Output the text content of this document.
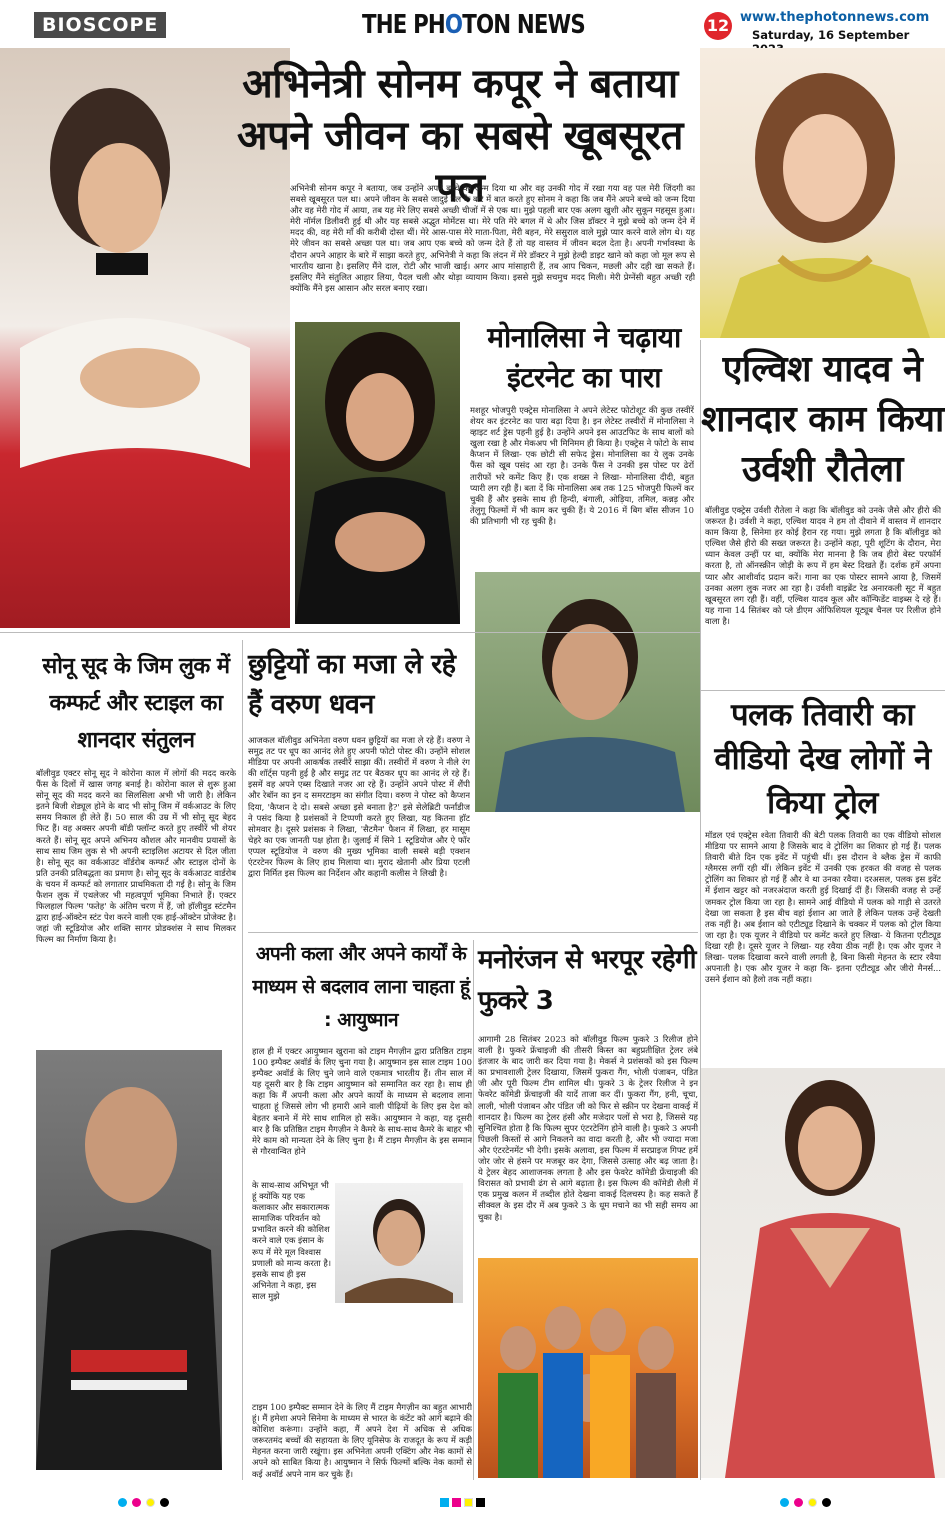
BIOSCOPE	THE PHOTON NEWS	12 www.thephotonnews.com
Saturday, 16 September
अभिनेत्री सोनम कपूर ने बताया अपने जीवन का सबसे खूबसूरत पल
मोनालिसा ने चढ़ाया इंटरनेट का पारा	एल्विश यादव ने शानदार काम किया उर्वशी रौतेला
सोनू सूद के जिम लुक में कम्फर्ट और स्टाइल का शानदार संतुलन
छुट्टियों का मजा ले रहे हैं वरुण धवन
अपनी कला और अपने कार्यों के माध्यम से बदलाव लाना चाहता हूं : आयुष्मान
मनोरंजन से भरपूर रहेगी फुकरे 3
पलक तिवारी का वीडियो देख लोगों ने किया ट्रोल
अभिनेत्री सोनम कपूर ने बताया, जब उन्होंने अपने बच्चे को जन्म दिया था और वह उनकी गोद में रखा गया वह पल मेरी जिंदगी का सबसे खूबसूरत पल था। अपने जीवन के सबसे जादुई पल के बारे में बात करते हुए सोनम ने कहा कि जब मैंने अपने बच्चे को जन्म दिया और वह मेरी गोद में आया, तब यह मेरे लिए सबसे अच्छी चीजों में से एक था। मुझे पहली बार एक अलग खुशी और सुकून महसूस हुआ। मेरी नॉर्मल डिलीवरी हुई थी और यह सबसे अद्भुत मोमेंटस था। मेरे पति मेरे बगल में थे और जिस डॉक्टर ने मुझे बच्चे को जन्म देने में मदद की, वह मेरी माँ की करीबी दोस्त थीं। मेरे आस-पास मेरे माता-पिता, मेरी बहन, मेरे ससुराल वाले मुझे प्यार करने वाले लोग थे। यह मेरे जीवन का सबसे अच्छा पल था। जब आप एक बच्चे को जन्म देते हैं तो यह वास्तव में जीवन बदल देता है। अपनी गर्भावस्था के दौरान अपने आहार के बारे में साझा करते हुए, अभिनेत्री ने कहा कि लंदन में मेरे डॉक्टर ने मुझे हेल्दी डाइट खाने को कहा जो मूल रूप से भारतीय खाना है। इसलिए मैंने दाल, रोटी और भाजी खाई। अगर आप मांसाहारी हैं, तब आप चिकन, मछली और दही खा सकते हैं। इसलिए मैंने संतुलित आहार लिया, पैदल चली और थोड़ा व्यायाम किया। इससे मुझे सचमुच मदद मिली। मेरी प्रेग्नेंसी बहुत अच्छी रही क्योंकि मैंने इस आसान और सरल बनाए रखा।
मशहूर भोजपुरी एक्ट्रेस मोनालिसा ने अपने लेटेस्ट फोटोशूट की कुछ तस्वीरें शेयर कर इंटरनेट का पारा बढ़ा दिया है। इन लेटेस्ट तस्वीरों में मोनालिसा ने व्हाइट शर्ट ड्रेस पहनी हुई है। उन्होंने अपने इस आउटफिट के साथ बालों को खुला रखा है और मेकअप भी मिनिमम ही किया है। एक्ट्रेस ने फोटो के साथ कैप्शन में लिखा- एक छोटी सी सफेद ड्रेस। मोनालिसा का ये लुक उनके फैंस को खूब पसंद आ रहा है। उनके फैंस ने उनकी इस पोस्ट पर ढेरों तारीफों भरे कमेंट किए हैं। एक शख्स ने लिखा- मोनालिसा दीदी, बहुत प्यारी लग रही हैं। बता दें कि मोनालिसा अब तक 125 भोजपुरी फिल्में कर चुकी हैं और इसके साथ ही हिन्दी, बंगाली, ओड़िया, तमिल, कन्नड़ और तेलुगू फिल्मों में भी काम कर चुकी हैं। ये 2016 में बिग बॉस सीजन 10 की प्रतिभागी भी रह चुकी है।
बॉलीवुड एक्ट्रेस उर्वशी रौतेला ने कहा कि बॉलीवुड को उनके जैसे और हीरो की जरूरत है। उर्वशी ने कहा, एल्विश यादव ने हम तो दीवाने में वास्तव में शानदार काम किया है, सिनेमा हर कोई हैरान रह गया। मुझे लगता है कि बॉलीवुड को एल्विश जैसे हीरो की सख्त जरूरत है। उन्होंने कहा, पूरी शूटिंग के दौरान, मेरा ध्यान केवल उन्हीं पर था, क्योंकि मेरा मानना है कि जब हीरो बेस्ट परफॉर्म करता है, तो ऑनस्क्रीन जोड़ी के रूप में हम बेस्ट दिखते हैं। दर्शक हमें अपना प्यार और आशीर्वाद प्रदान करें। गाना का एक पोस्टर सामने आया है, जिसमें उनका अलग लुक नजर आ रहा है। उर्वशी वाइब्रेंट रेड अनारकली सूट में बहुत खूबसूरत लग रही हैं। वहीं, एल्विश यादव कूल और कॉन्फिडेंट वाइब्स दे रहे हैं। यह गाना 14 सितंबर को प्ले डीएम ऑफिशियल यूट्यूब चैनल पर रिलीज होने वाला है।
बॉलीवुड एक्टर सोनू सूद ने कोरोना काल में लोगों की मदद करके फैंस के दिलों में खास जगह बनाई है। कोरोना काल से शुरू हुआ सोनू सूद की मदद करने का सिलसिला अभी भी जारी है। लेकिन इतने बिजी शेड्यूल होने के बाद भी सोनू जिम में वर्कआउट के लिए समय निकाल ही लेते हैं। 50 साल की उम्र में भी सोनू सूद बेहद फिट हैं। वह अक्सर अपनी बॉडी फ्लॉन्ट करते हुए तस्वीरें भी शेयर करते हैं। सोनू सूद अपने अभिनय कौशल और मानवीय प्रयासों के साथ साथ जिम लुक से भी अपनी स्टाइलिश अटायर से दिल जीता है। सोनू सूद का वर्कआउट वॉर्डरोब कम्फर्ट और स्टाइल दोनों के प्रति उनकी प्रतिबद्धता का प्रमाण है। सोनू सूद के वर्कआउट वार्डरोब के चयन में कम्फर्ट को लगातार प्राथमिकता दी गई है। सोनू के जिम फैशन लुक में एथलेजर भी महत्वपूर्ण भूमिका निभाते हैं। एक्टर फिलहाल फिल्म 'फतेह' के अंतिम चरण में हैं, जो हॉलीवुड स्टंटमैन द्वारा हाई-ऑक्टेन स्टंट पेश करने वाली एक हाई-ऑक्टेन प्रोजेक्ट है। जहां जी स्टूडियोज और शक्ति सागर प्रोडक्शंस ने साथ मिलकर फिल्म का निर्माण किया है।
आजकल बॉलीवुड अभिनेता वरुण धवन छुट्टियों का मजा ले रहे हैं। वरुण ने समुद्र तट पर धूप का आनंद लेते हुए अपनी फोटो पोस्ट की। उन्होंने सोशल मीडिया पर अपनी आकर्षक तस्वीरें साझा कीं। तस्वीरों में वरुण ने नीले रंग की शॉर्ट्स पहनी हुई है और समुद्र तट पर बैठकर धूप का आनंद ले रहे हैं। इसमें वह अपने एब्स दिखाते नजर आ रहे हैं। उन्होंने अपने पोस्ट में शैंपी और रेबॉन का इन द समरटाइम का संगीत दिया। वरुण ने पोस्ट को कैप्शन दिया, 'कैप्शन दे दो। सबसे अच्छा इसे बनाता है?' इसे सेलेब्रिटी फर्नांडीज ने पसंद किया है प्रशंसकों ने टिप्पणी करते हुए लिखा, यह कितना हॉट सोमवार है। दूसरे प्रशंसक ने लिखा, 'सैटमैन' फैशन में लिखा, हर मासूम चेहरे का एक जानती पक्ष होता है। जुलाई में सिने 1 स्टूडियोज और ऐ फॉर एप्पल स्टूडियोज ने वरुण की मुख्य भूमिका वाली सबसे बड़ी एक्शन एंटरटेनर फिल्म के लिए हाथ मिलाया था। मुराद खेतानी और प्रिया एटली द्वारा निर्मित इस फिल्म का निर्देशन और कहानी कलीस ने लिखी है।
हाल ही में एक्टर आयुष्मान खुराना को टाइम मैगज़ीन द्वारा प्रतिष्ठित टाइम 100 इम्पैक्ट अवॉर्ड के लिए चुना गया है। आयुष्मान इस साल टाइम 100 इम्पैक्ट अवॉर्ड के लिए चुने जाने वाले एकमात्र भारतीय हैं। तीन साल में यह दूसरी बार है कि टाइम आयुष्मान को सम्मानित कर रहा है। साथ ही कहा कि मैं अपनी कला और अपने कार्यों के माध्यम से बदलाव लाना चाहता हूं जिससे लोग भी हमारी आने वाली पीढ़ियों के लिए इस देश को बेहतर बनाने में मेरे साथ शामिल हो सकें। आयुष्मान ने कहा, यह दूसरी बार है कि प्रतिष्ठित टाइम मैगज़ीन ने कैमरे के साथ-साथ कैमरे के बाहर भी मेरे काम को मान्यता देने के लिए चुना है। मैं टाइम मैगज़ीन के इस सम्मान से गौरवान्वित होने
के साथ-साथ अभिभूत भी हूं क्योंकि यह एक कलाकार और सकारात्मक सामाजिक परिवर्तन को प्रभावित करने की कोशिश करने वाले एक इंसान के रूप में मेरे मूल विश्वास प्रणाली को मान्य करता है। इसके साथ ही इस अभिनेता ने कहा, इस साल मुझे
टाइम 100 इम्पैक्ट सम्मान देने के लिए मैं टाइम मैगज़ीन का बहुत आभारी हूं। मैं हमेशा अपने सिनेमा के माध्यम से भारत के कंटेंट को आगे बढ़ाने की कोशिश करूंगा। उन्होंने कहा, मैं अपने देश में अधिक से अधिक जरूरतमंद बच्चों की सहायता के लिए यूनिसेफ के राजदूत के रूप में कड़ी मेहनत करना जारी रखूंगा। इस अभिनेता अपनी एक्टिंग और नेक कामों से अपने को साबित किया है। आयुष्मान ने सिर्फ फिल्मों बल्कि नेक कामों से कई अवॉर्ड अपने नाम कर चुके हैं।
आगामी 28 सितंबर 2023 को बॉलीवुड फिल्म फुकरे 3 रिलीज होने वाली है। फुकरे फ्रेंचाइजी की तीसरी किस्त का बहुप्रतीक्षित ट्रेलर लंबे इंतजार के बाद जारी कर दिया गया है। मेकर्स ने प्रशंसकों को इस फिल्म का प्रभावशाली ट्रेलर दिखाया, जिसमें फुकरा गैंग, भोली पंजाबन, पंडित जी और पूरी फिल्म टीम शामिल थी। फुकरे 3 के ट्रेलर रिलीज ने इन फेवरेट कॉमेडी फ्रेंचाइजी की यादें ताजा कर दीं। फुकरा गैंग, हनी, चूचा, लाली, भोली पंजाबन और पंडित जी को फिर से स्क्रीन पर देखना वाकई में शानदार है। फिल्म का ट्रेलर हंसी और मजेदार पलों से भरा है, जिससे यह सुनिश्चित होता है कि फिल्म सुपर एंटरटेनिंग होने वाली है। फुकरे 3 अपनी पिछली किस्तों से आगे निकलने का वादा करती है, और भी ज्यादा मजा और एंटरटेनमेंट भी देगी। इसके अलावा, इस फिल्म में सरप्राइज गिफ्ट हमें जोर जोर से हंसने पर मजबूर कर देगा, जिससे उत्साह और बढ़ जाता है। ये ट्रेलर बेहद आशाजनक लगता है और इस फेवरेट कॉमेडी फ्रेंचाइजी की विरासत को प्रभावी ढंग से आगे बढ़ाता है। इस फिल्म की कॉमेडी शैली में एक प्रमुख कलन में तब्दील होते देखना वाकई दिलचस्प है। कह सकते हैं सीक्वल के इस दौर में अब फुकरे 3 के धूम मचाने का भी सही समय आ चुका है।
मॉडल एवं एक्ट्रेस श्वेता तिवारी की बेटी पलक तिवारी का एक वीडियो सोशल मीडिया पर सामने आया है जिसके बाद वे ट्रोलिंग का शिकार हो गई हैं। पलक तिवारी बीते दिन एक इवेंट में पहुंची थीं। इस दौरान वे ब्लैक ड्रेस में काफी ग्लैमरस लगीं रही थीं। लेकिन इवेंट में उनकी एक हरकत की वजह से पलक ट्रोलिंग का शिकार हो गई हैं और वे था उनका रवैया। दरअसल, पलक इस इवेंट में ईशान खट्टर को नजरअंदाज करती हुई दिखाई दीं हैं। जिसकी वजह से उन्हें जमकर ट्रोल किया जा रहा है। सामने आई वीडियो में पलक को गाड़ी से उतरते देखा जा सकता है इस बीच वहां ईशान आ जाते हैं लेकिन पलक उन्हें देखती तक नहीं है। अब ईशान को एटीट्यूड दिखाने के चक्कर में पलक को ट्रोल किया जा रहा है। एक यूजर ने वीडियो पर कमेंट करते हुए लिखा- ये कितना एटीट्यूड दिखा रही है। दूसरे यूजर ने लिखा- यह रवैया ठीक नहीं है। एक और यूजर ने लिखा- पलक दिखावा करने वाली लगती है, बिना किसी मेहनत के स्टार रवैया अपनाती है। एक और यूजर ने कहा कि- इतना एटीट्यूड और जीरो मैनर्स... उसने ईशान को हैलो तक नहीं कहा।
